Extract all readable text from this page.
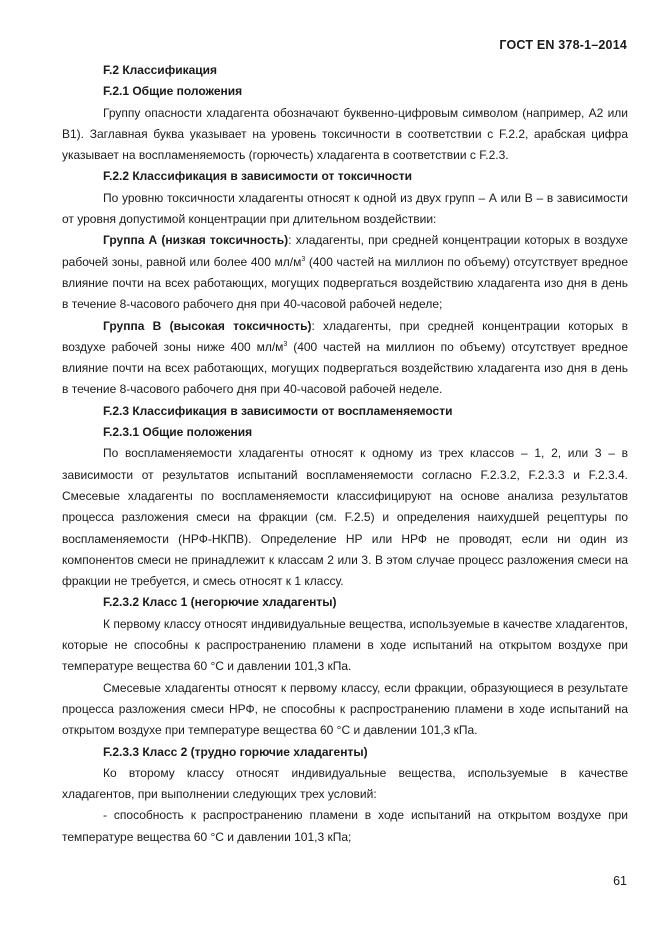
ГОСТ EN 378-1–2014

F.2 Классификация

F.2.1 Общие положения

Группу опасности хладагента обозначают буквенно-цифровым символом (например, А2 или В1). Заглавная буква указывает на уровень токсичности в соответствии с F.2.2, арабская цифра указывает на воспламеняемость (горючесть) хладагента в соответствии с F.2.3.

F.2.2 Классификация в зависимости от токсичности

По уровню токсичности хладагенты относят к одной из двух групп – А или В – в зависимости от уровня допустимой концентрации при длительном воздействии:

Группа А (низкая токсичность): хладагенты, при средней концентрации которых в воздухе рабочей зоны, равной или более 400 $мл/м^3$ (400 частей на миллион по объему) отсутствует вредное влияние почти на всех работающих, могущих подвергаться воздействию хладагента изо дня в день в течение 8-часового рабочего дня при 40-часовой рабочей неделе;

Группа В (высокая токсичность): хладагенты, при средней концентрации которых в воздухе рабочей зоны ниже 400 $мл/м^3$ (400 частей на миллион по объему) отсутствует вредное влияние почти на всех работающих, могущих подвергаться воздействию хладагента изо дня в день в течение 8-часового рабочего дня при 40-часовой рабочей неделе.

F.2.3 Классификация в зависимости от воспламеняемости

F.2.3.1 Общие положения

По воспламеняемости хладагенты относят к одному из трех классов – 1, 2, или 3 – в зависимости от результатов испытаний воспламеняемости согласно F.2.3.2, F.2.3.3 и F.2.3.4. Смесевые хладагенты по воспламеняемости классифицируют на основе анализа результатов процесса разложения смеси на фракции (см. F.2.5) и определения наихудшей рецептуры по воспламеняемости (НРФ-НКПВ). Определение НР или НРФ не проводят, если ни один из компонентов смеси не принадлежит к классам 2 или 3. В этом случае процесс разложения смеси на фракции не требуется, и смесь относят к 1 классу.

F.2.3.2 Класс 1 (негорючие хладагенты)

К первому классу относят индивидуальные вещества, используемые в качестве хладагентов, которые не способны к распространению пламени в ходе испытаний на открытом воздухе при температуре вещества 60 °С и давлении 101,3 кПа.

Смесевые хладагенты относят к первому классу, если фракции, образующиеся в результате процесса разложения смеси НРФ, не способны к распространению пламени в ходе испытаний на открытом воздухе при температуре вещества 60 °С и давлении 101,3 кПа.

F.2.3.3 Класс 2 (трудно горючие хладагенты)

Ко второму классу относят индивидуальные вещества, используемые в качестве хладагентов, при выполнении следующих трех условий:

- способность к распространению пламени в ходе испытаний на открытом воздухе при температуре вещества 60 °С и давлении 101,3 кПа;

61
